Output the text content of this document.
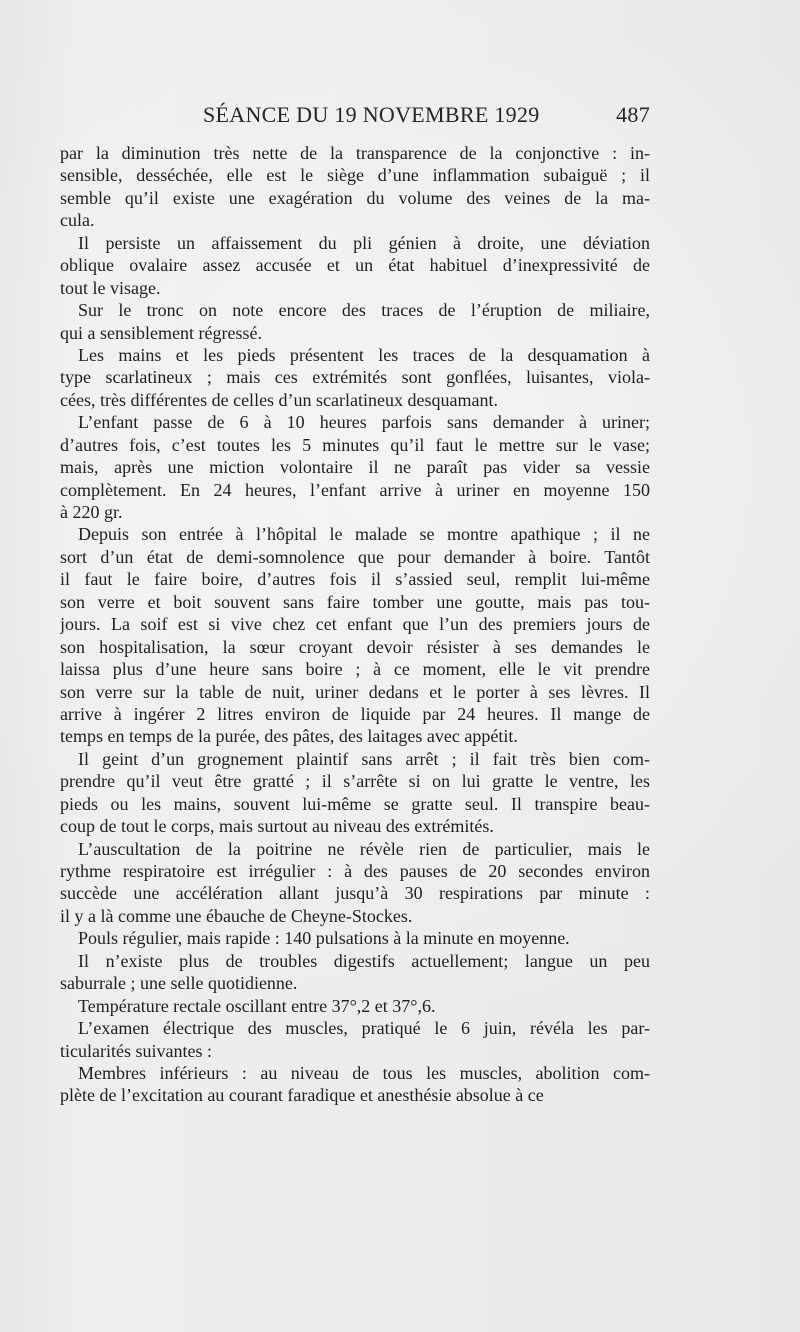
SÉANCE DU 19 NOVEMBRE 1929	487
par la diminution très nette de la transparence de la conjonctive : in-
sensible, desséchée, elle est le siège d’une inflammation subaiguë ; il
semble qu’il existe une exagération du volume des veines de la ma-
cula.
Il persiste un affaissement du pli génien à droite, une déviation
oblique ovalaire assez accusée et un état habituel d’inexpressivité de
tout le visage.
Sur le tronc on note encore des traces de l’éruption de miliaire,
qui a sensiblement régressé.
Les mains et les pieds présentent les traces de la desquamation à
type scarlatineux ; mais ces extrémités sont gonflées, luisantes, viola-
cées, très différentes de celles d’un scarlatineux desquamant.
L’enfant passe de 6 à 10 heures parfois sans demander à uriner;
d’autres fois, c’est toutes les 5 minutes qu’il faut le mettre sur le vase;
mais, après une miction volontaire il ne paraît pas vider sa vessie
complètement. En 24 heures, l’enfant arrive à uriner en moyenne 150
à 220 gr.
Depuis son entrée à l’hôpital le malade se montre apathique ; il ne
sort d’un état de demi-somnolence que pour demander à boire. Tantôt
il faut le faire boire, d’autres fois il s’assied seul, remplit lui-même
son verre et boit souvent sans faire tomber une goutte, mais pas tou-
jours. La soif est si vive chez cet enfant que l’un des premiers jours de
son hospitalisation, la sœur croyant devoir résister à ses demandes le
laissa plus d’une heure sans boire ; à ce moment, elle le vit prendre
son verre sur la table de nuit, uriner dedans et le porter à ses lèvres. Il
arrive à ingérer 2 litres environ de liquide par 24 heures. Il mange de
temps en temps de la purée, des pâtes, des laitages avec appétit.
Il geint d’un grognement plaintif sans arrêt ; il fait très bien com-
prendre qu’il veut être gratté ; il s’arrête si on lui gratte le ventre, les
pieds ou les mains, souvent lui-même se gratte seul. Il transpire beau-
coup de tout le corps, mais surtout au niveau des extrémités.
L’auscultation de la poitrine ne révèle rien de particulier, mais le
rythme respiratoire est irrégulier : à des pauses de 20 secondes environ
succède une accélération allant jusqu’à 30 respirations par minute :
il y a là comme une ébauche de Cheyne-Stockes.
Pouls régulier, mais rapide : 140 pulsations à la minute en moyenne.
Il n’existe plus de troubles digestifs actuellement; langue un peu
saburrale ; une selle quotidienne.
Température rectale oscillant entre 37°,2 et 37°,6.
L’examen électrique des muscles, pratiqué le 6 juin, révéla les par-
ticularités suivantes :
Membres inférieurs : au niveau de tous les muscles, abolition com-
plète de l’excitation au courant faradique et anesthésie absolue à ce
